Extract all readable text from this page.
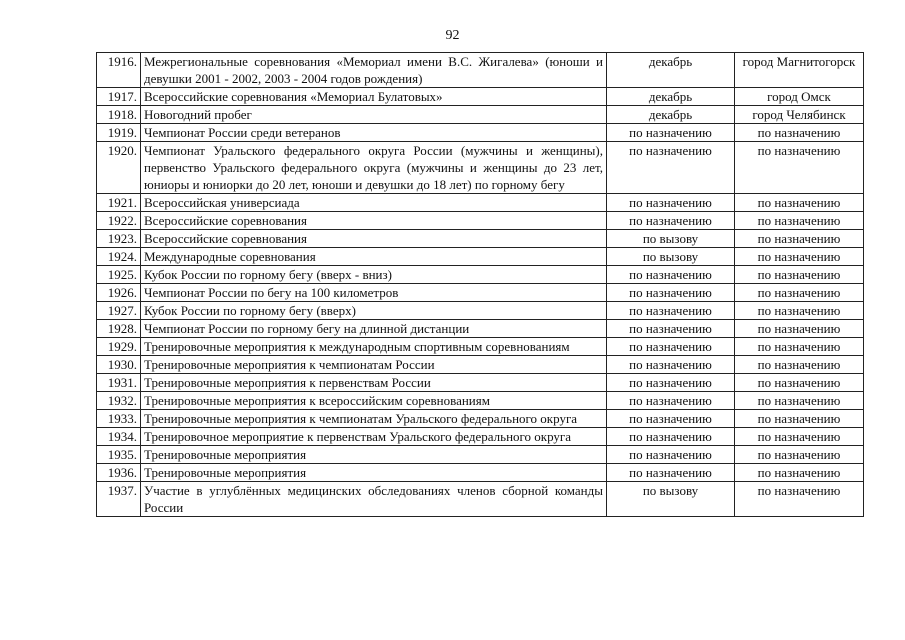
92
1916.	Межрегиональные соревнования «Мемориал имени В.С. Жигалева» (юноши и девушки 2001 - 2002, 2003 - 2004 годов рождения)	декабрь	город Магнитогорск
1917.	Всероссийские соревнования «Мемориал Булатовых»	декабрь	город Омск
1918.	Новогодний пробег	декабрь	город Челябинск
1919.	Чемпионат России среди ветеранов	по назначению	по назначению
1920.	Чемпионат Уральского федерального округа России (мужчины и женщины), первенство Уральского федерального округа (мужчины и женщины до 23 лет, юниоры и юниорки до 20 лет, юноши и девушки до 18 лет) по горному бегу	по назначению	по назначению
1921.	Всероссийская универсиада	по назначению	по назначению
1922.	Всероссийские соревнования	по назначению	по назначению
1923.	Всероссийские соревнования	по вызову	по назначению
1924.	Международные соревнования	по вызову	по назначению
1925.	Кубок России по горному бегу (вверх - вниз)	по назначению	по назначению
1926.	Чемпионат России по бегу на 100 километров	по назначению	по назначению
1927.	Кубок России по горному бегу (вверх)	по назначению	по назначению
1928.	Чемпионат России по горному бегу на длинной дистанции	по назначению	по назначению
1929.	Тренировочные мероприятия к международным спортивным соревнованиям	по назначению	по назначению
1930.	Тренировочные мероприятия к чемпионатам России	по назначению	по назначению
1931.	Тренировочные мероприятия к первенствам России	по назначению	по назначению
1932.	Тренировочные мероприятия к всероссийским соревнованиям	по назначению	по назначению
1933.	Тренировочные мероприятия к чемпионатам Уральского федерального округа	по назначению	по назначению
1934.	Тренировочное мероприятие к первенствам Уральского федерального округа	по назначению	по назначению
1935.	Тренировочные мероприятия	по назначению	по назначению
1936.	Тренировочные мероприятия	по назначению	по назначению
1937.	Участие в углублённых медицинских обследованиях членов сборной команды России	по вызову	по назначению
